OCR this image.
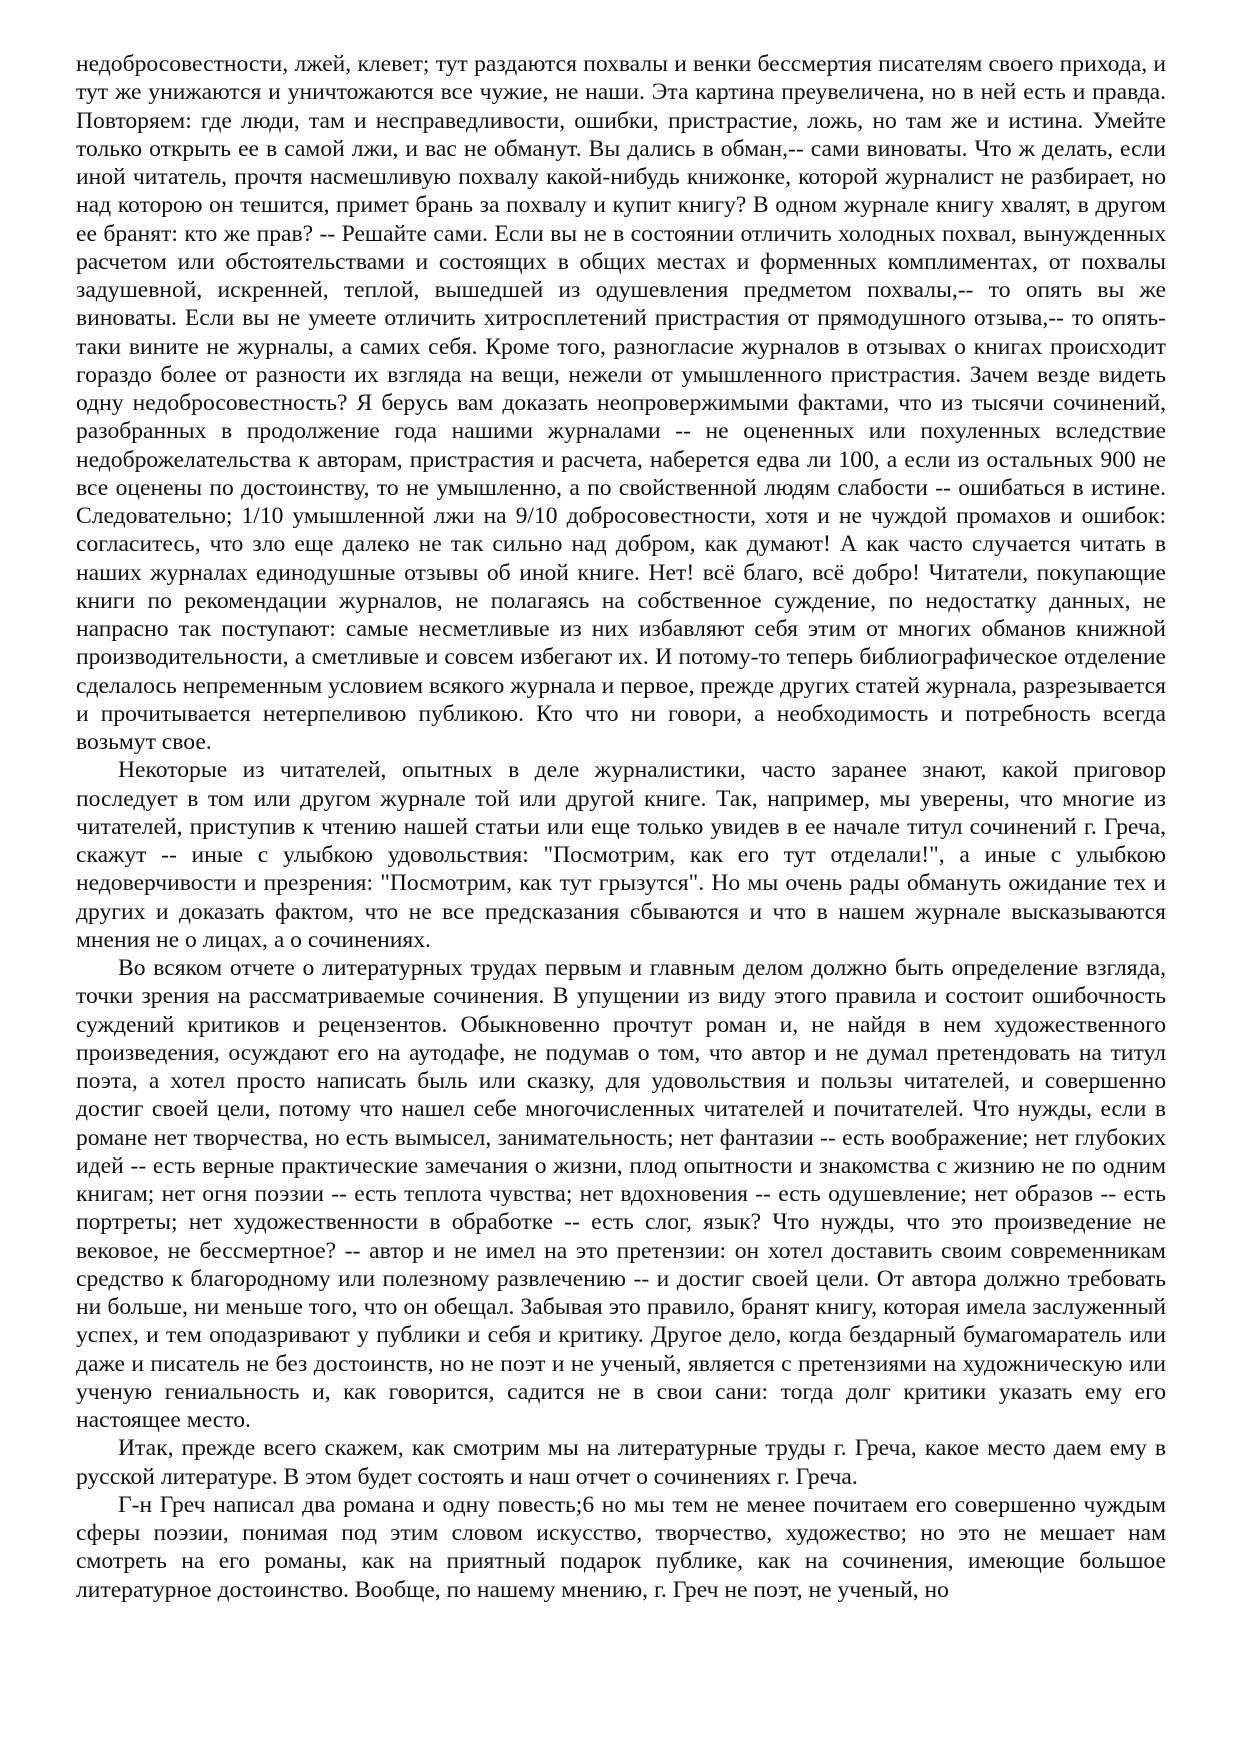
недобросовестности, лжей, клевет; тут раздаются похвалы и венки бессмертия писателям своего прихода, и тут же унижаются и уничтожаются все чужие, не наши. Эта картина преувеличена, но в ней есть и правда. Повторяем: где люди, там и несправедливости, ошибки, пристрастие, ложь, но там же и истина. Умейте только открыть ее в самой лжи, и вас не обманут. Вы дались в обман,-- сами виноваты. Что ж делать, если иной читатель, прочтя насмешливую похвалу какой-нибудь книжонке, которой журналист не разбирает, но над которою он тешится, примет брань за похвалу и купит книгу? В одном журнале книгу хвалят, в другом ее бранят: кто же прав? -- Решайте сами. Если вы не в состоянии отличить холодных похвал, вынужденных расчетом или обстоятельствами и состоящих в общих местах и форменных комплиментах, от похвалы задушевной, искренней, теплой, вышедшей из одушевления предметом похвалы,-- то опять вы же виноваты. Если вы не умеете отличить хитросплетений пристрастия от прямодушного отзыва,-- то опять-таки вините не журналы, а самих себя. Кроме того, разногласие журналов в отзывах о книгах происходит гораздо более от разности их взгляда на вещи, нежели от умышленного пристрастия. Зачем везде видеть одну недобросовестность? Я берусь вам доказать неопровержимыми фактами, что из тысячи сочинений, разобранных в продолжение года нашими журналами -- не оцененных или похуленных вследствие недоброжелательства к авторам, пристрастия и расчета, наберется едва ли 100, а если из остальных 900 не все оценены по достоинству, то не умышленно, а по свойственной людям слабости -- ошибаться в истине. Следовательно; 1/10 умышленной лжи на 9/10 добросовестности, хотя и не чуждой промахов и ошибок: согласитесь, что зло еще далеко не так сильно над добром, как думают! А как часто случается читать в наших журналах единодушные отзывы об иной книге. Нет! всё благо, всё добро! Читатели, покупающие книги по рекомендации журналов, не полагаясь на собственное суждение, по недостатку данных, не напрасно так поступают: самые несметливые из них избавляют себя этим от многих обманов книжной производительности, а сметливые и совсем избегают их. И потому-то теперь библиографическое отделение сделалось непременным условием всякого журнала и первое, прежде других статей журнала, разрезывается и прочитывается нетерпеливою публикою. Кто что ни говори, а необходимость и потребность всегда возьмут свое.

Некоторые из читателей, опытных в деле журналистики, часто заранее знают, какой приговор последует в том или другом журнале той или другой книге. Так, например, мы уверены, что многие из читателей, приступив к чтению нашей статьи или еще только увидев в ее начале титул сочинений г. Греча, скажут -- иные с улыбкою удовольствия: "Посмотрим, как его тут отделали!", а иные с улыбкою недоверчивости и презрения: "Посмотрим, как тут грызутся". Но мы очень рады обмануть ожидание тех и других и доказать фактом, что не все предсказания сбываются и что в нашем журнале высказываются мнения не о лицах, а о сочинениях.

Во всяком отчете о литературных трудах первым и главным делом должно быть определение взгляда, точки зрения на рассматриваемые сочинения. В упущении из виду этого правила и состоит ошибочность суждений критиков и рецензентов. Обыкновенно прочтут роман и, не найдя в нем художественного произведения, осуждают его на аутодафе, не подумав о том, что автор и не думал претендовать на титул поэта, а хотел просто написать быль или сказку, для удовольствия и пользы читателей, и совершенно достиг своей цели, потому что нашел себе многочисленных читателей и почитателей. Что нужды, если в романе нет творчества, но есть вымысел, занимательность; нет фантазии -- есть воображение; нет глубоких идей -- есть верные практические замечания о жизни, плод опытности и знакомства с жизнию не по одним книгам; нет огня поэзии -- есть теплота чувства; нет вдохновения -- есть одушевление; нет образов -- есть портреты; нет художественности в обработке -- есть слог, язык? Что нужды, что это произведение не вековое, не бессмертное? -- автор и не имел на это претензии: он хотел доставить своим современникам средство к благородному или полезному развлечению -- и достиг своей цели. От автора должно требовать ни больше, ни меньше того, что он обещал. Забывая это правило, бранят книгу, которая имела заслуженный успех, и тем оподазривают у публики и себя и критику. Другое дело, когда бездарный бумагомаратель или даже и писатель не без достоинств, но не поэт и не ученый, является с претензиями на художническую или ученую гениальность и, как говорится, садится не в свои сани: тогда долг критики указать ему его настоящее место.

Итак, прежде всего скажем, как смотрим мы на литературные труды г. Греча, какое место даем ему в русской литературе. В этом будет состоять и наш отчет о сочинениях г. Греча.

Г-н Греч написал два романа и одну повесть;6 но мы тем не менее почитаем его совершенно чуждым сферы поэзии, понимая под этим словом искусство, творчество, художество; но это не мешает нам смотреть на его романы, как на приятный подарок публике, как на сочинения, имеющие большое литературное достоинство. Вообще, по нашему мнению, г. Греч не поэт, не ученый, но
